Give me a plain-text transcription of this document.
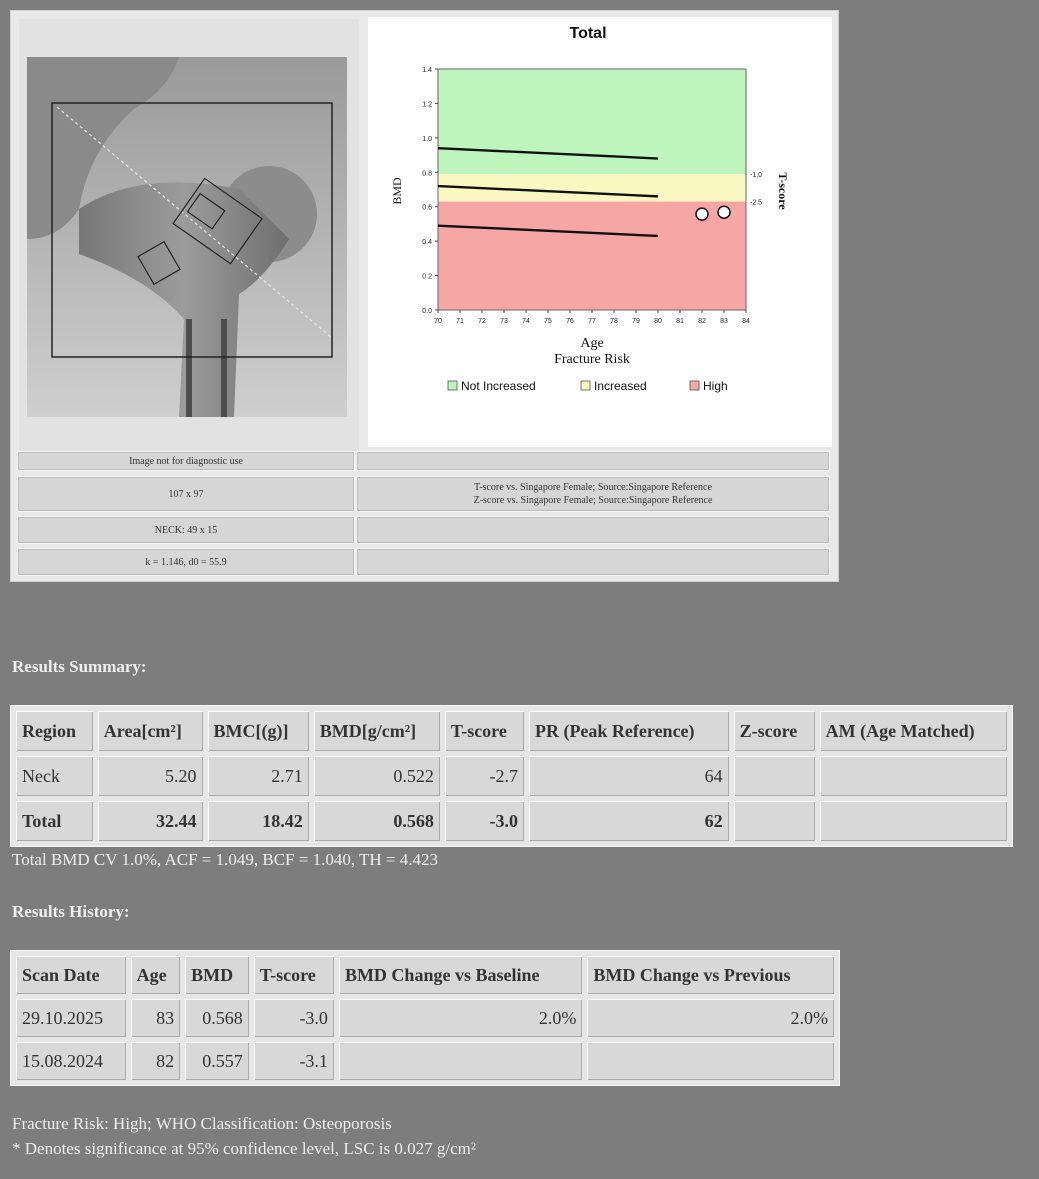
Total
70 71 72 73 74 75 76 77 78 79 80 81 82 83 84
0.0
0.2
0.4
0.6
0.8
1.0
1.2
1.4
-1.0
-2.5
Age
Fracture Risk
BMD	T-score
Not Increased	Increased	High
Image not for diagnostic use
107 x 97
T-score vs. Singapore Female; Source:Singapore Reference
Z-score vs. Singapore Female; Source:Singapore Reference
NECK: 49 x 15
k = 1.146, d0 = 55.9
Results Summary:
Region	Area[cm²]	BMC[(g)]	BMD[g/cm²]	T-score	PR (Peak Reference)	Z-score	AM (Age Matched)
Neck	5.20	2.71	0.522	-2.7	64		
Total	32.44	18.42	0.568	-3.0	62		
Total BMD CV 1.0%, ACF = 1.049, BCF = 1.040, TH = 4.423
Results History:
Scan Date	Age	BMD	T-score	BMD Change vs Baseline	BMD Change vs Previous
29.10.2025	83	0.568	-3.0	2.0%	2.0%
15.08.2024	82	0.557	-3.1		
Fracture Risk: High; WHO Classification: Osteoporosis
* Denotes significance at 95% confidence level, LSC is 0.027 g/cm²
